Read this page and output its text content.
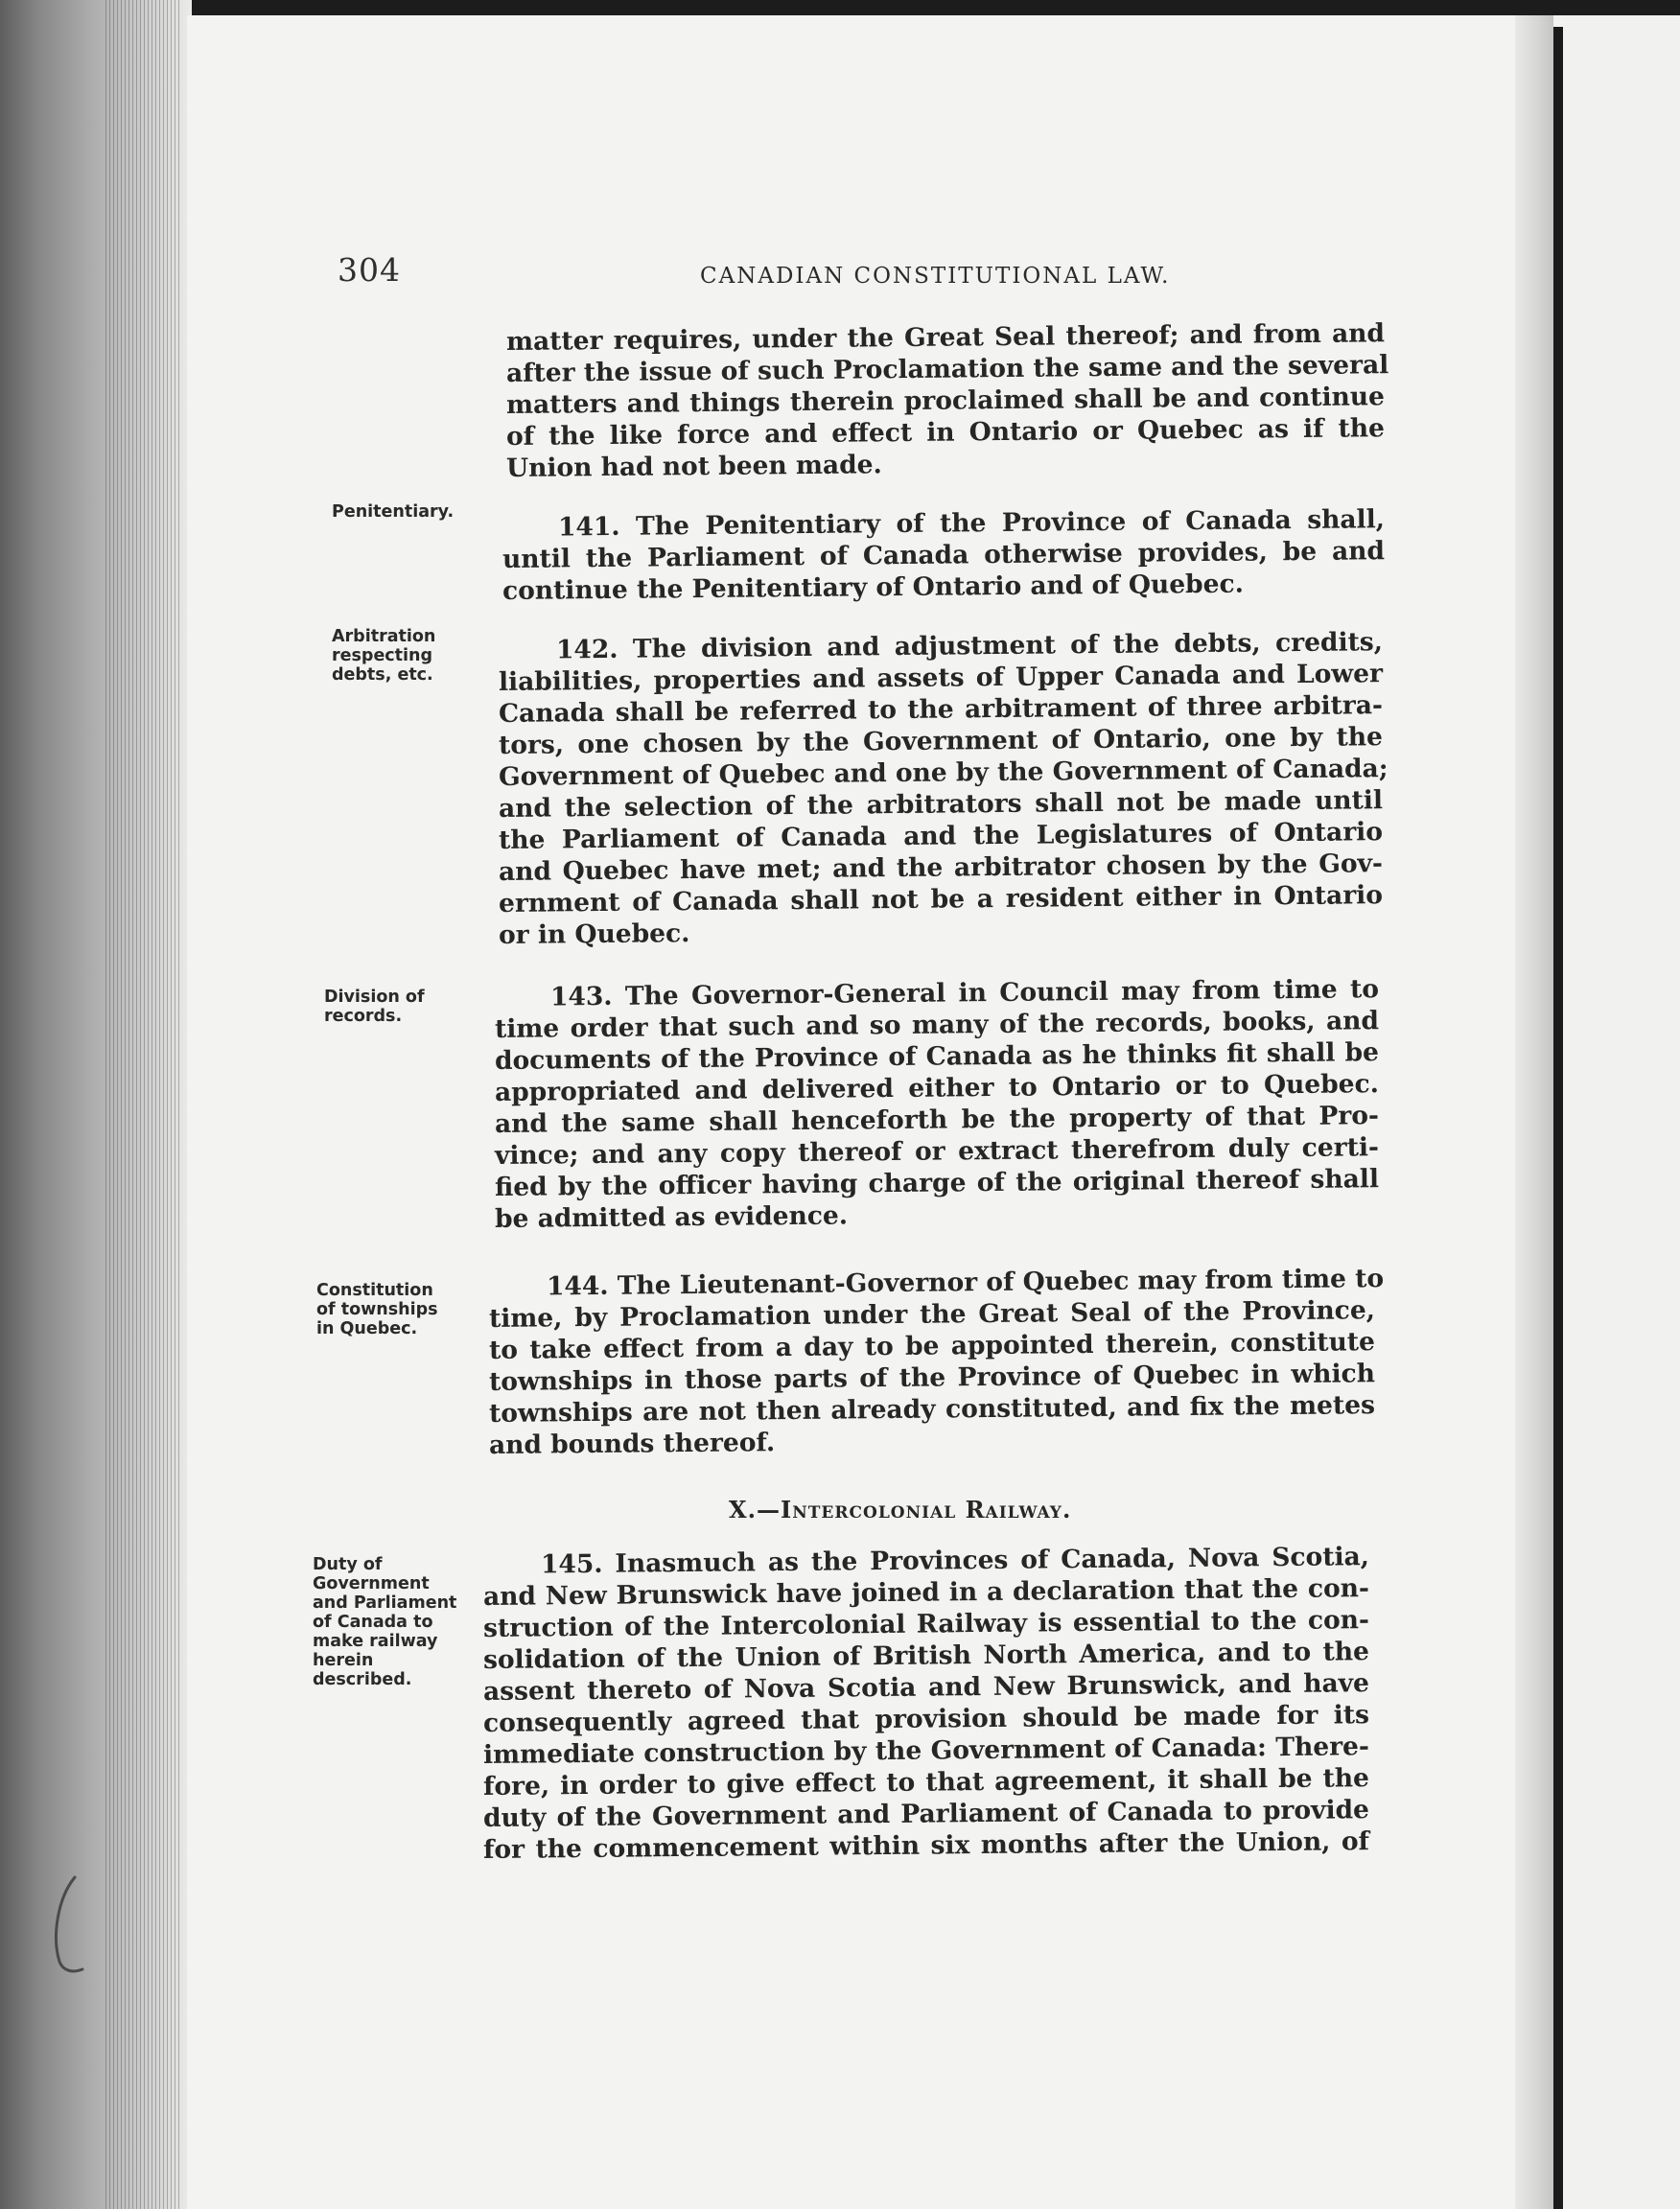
304	CANADIAN CONSTITUTIONAL LAW.
matter requires, under the Great Seal thereof; and from and
after the issue of such Proclamation the same and the several
matters and things therein proclaimed shall be and continue
of the like force and effect in Ontario or Quebec as if the
Union had not been made.
Penitentiary.	141. The Penitentiary of the Province of Canada shall,
until the Parliament of Canada otherwise provides, be and
continue the Penitentiary of Ontario and of Quebec.
Arbitration
respecting
debts, etc.
142. The division and adjustment of the debts, credits,
liabilities, properties and assets of Upper Canada and Lower
Canada shall be referred to the arbitrament of three arbitra-
tors, one chosen by the Government of Ontario, one by the
Government of Quebec and one by the Government of Canada;
and the selection of the arbitrators shall not be made until
the Parliament of Canada and the Legislatures of Ontario
and Quebec have met; and the arbitrator chosen by the Gov-
ernment of Canada shall not be a resident either in Ontario
or in Quebec.
Division of
records.
143. The Governor-General in Council may from time to
time order that such and so many of the records, books, and
documents of the Province of Canada as he thinks fit shall be
appropriated and delivered either to Ontario or to Quebec.
and the same shall henceforth be the property of that Pro-
vince; and any copy thereof or extract therefrom duly certi-
fied by the officer having charge of the original thereof shall
be admitted as evidence.
Constitution
of townships
in Quebec.
144. The Lieutenant-Governor of Quebec may from time to
time, by Proclamation under the Great Seal of the Province,
to take effect from a day to be appointed therein, constitute
townships in those parts of the Province of Quebec in which
townships are not then already constituted, and fix the metes
and bounds thereof.
X.—Intercolonial Railway.
Duty of
Government
and Parliament
of Canada to
make railway
herein
described.
145. Inasmuch as the Provinces of Canada, Nova Scotia,
and New Brunswick have joined in a declaration that the con-
struction of the Intercolonial Railway is essential to the con-
solidation of the Union of British North America, and to the
assent thereto of Nova Scotia and New Brunswick, and have
consequently agreed that provision should be made for its
immediate construction by the Government of Canada: There-
fore, in order to give effect to that agreement, it shall be the
duty of the Government and Parliament of Canada to provide
for the commencement within six months after the Union, of
